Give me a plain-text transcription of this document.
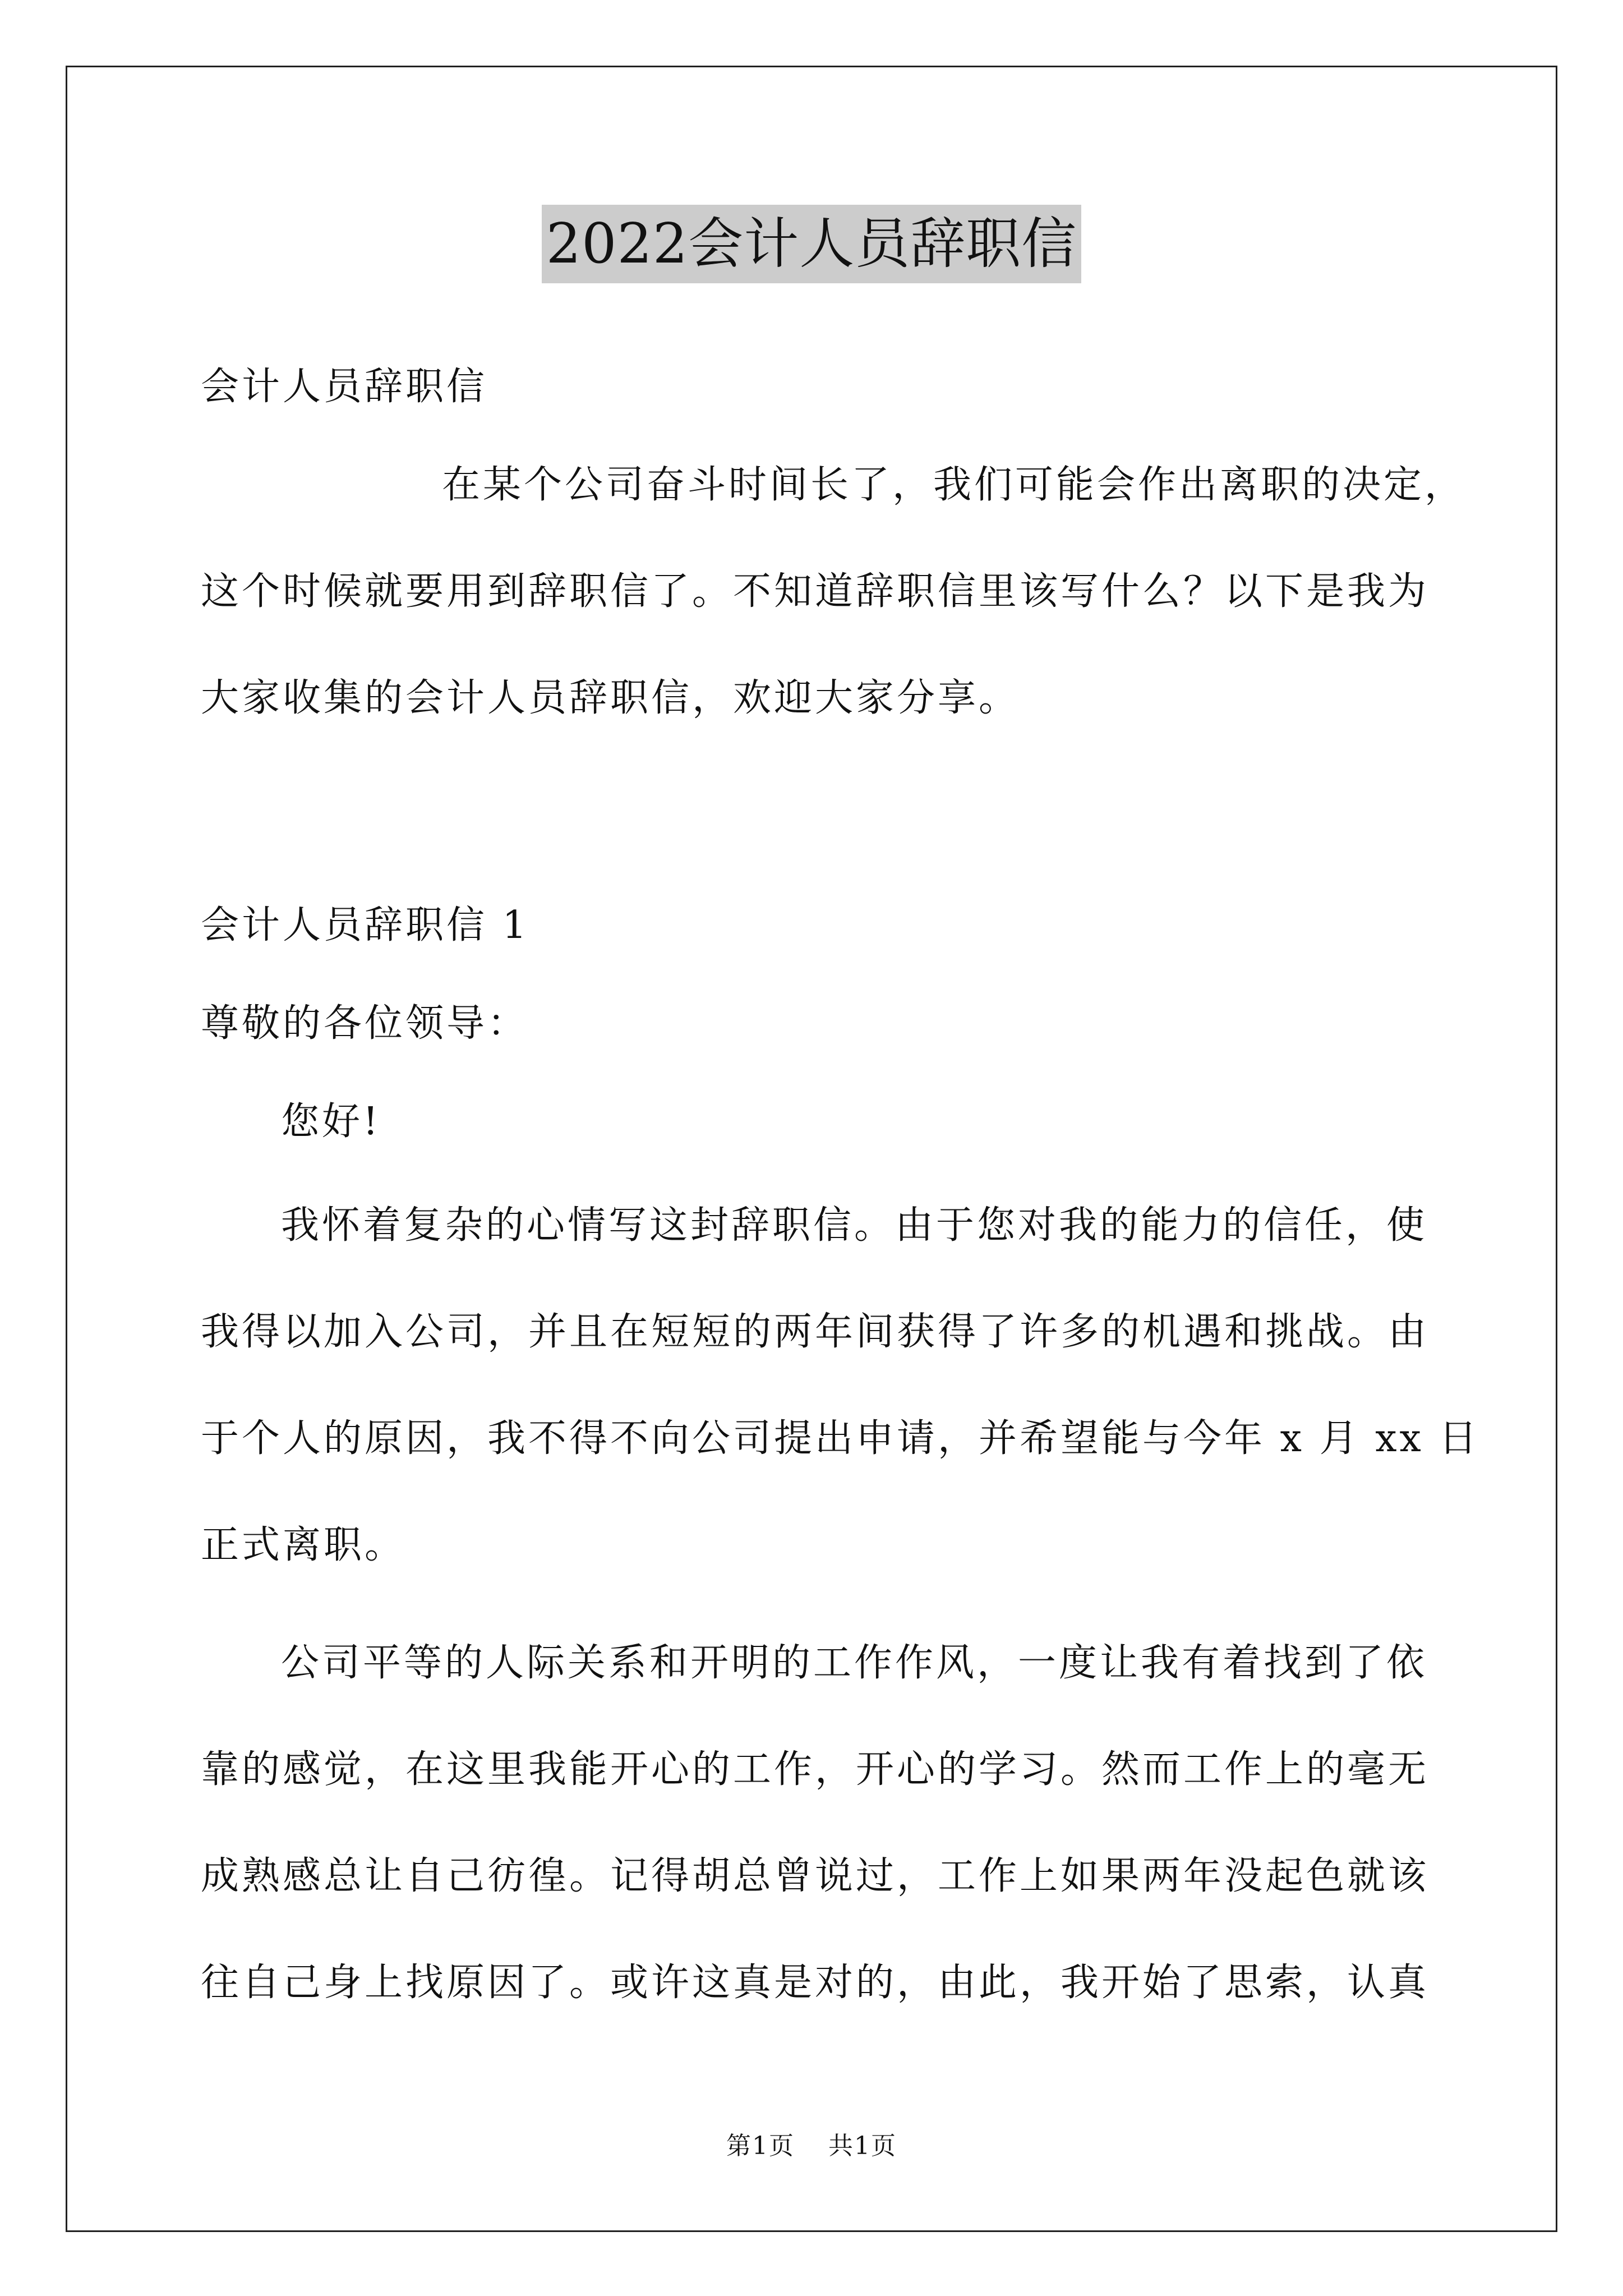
2022会计人员辞职信

会计人员辞职信

在某个公司奋斗时间长了，我们可能会作出离职的决定，
这个时候就要用到辞职信了。不知道辞职信里该写什么？以下是我为
大家收集的会计人员辞职信，欢迎大家分享。

会计人员辞职信 1

尊敬的各位领导：

您好!

我怀着复杂的心情写这封辞职信。由于您对我的能力的信任，使
我得以加入公司，并且在短短的两年间获得了许多的机遇和挑战。由
于个人的原因，我不得不向公司提出申请，并希望能与今年 x 月 xx 日
正式离职。
公司平等的人际关系和开明的工作作风，一度让我有着找到了依
靠的感觉，在这里我能开心的工作，开心的学习。然而工作上的毫无
成熟感总让自己彷徨。记得胡总曾说过，工作上如果两年没起色就该
往自己身上找原因了。或许这真是对的，由此，我开始了思索，认真
第1页 共1页
